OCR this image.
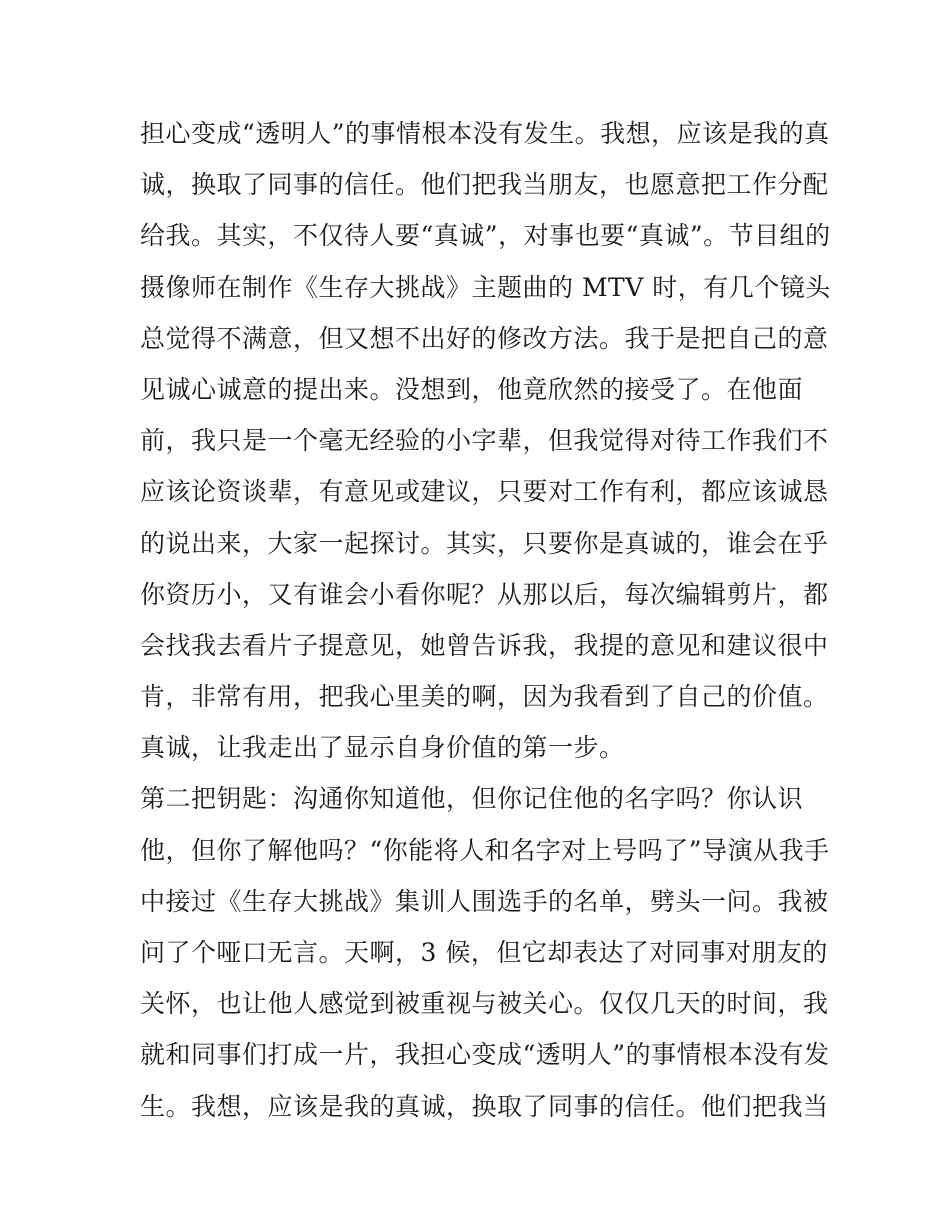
担心变成“透明人”的事情根本没有发生。我想，应该是我的真
诚，换取了同事的信任。他们把我当朋友，也愿意把工作分配
给我。其实，不仅待人要“真诚”，对事也要“真诚”。节目组的
摄像师在制作《生存大挑战》主题曲的 MTV 时，有几个镜头
总觉得不满意，但又想不出好的修改方法。我于是把自己的意
见诚心诚意的提出来。没想到，他竟欣然的接受了。在他面
前，我只是一个毫无经验的小字辈，但我觉得对待工作我们不
应该论资谈辈，有意见或建议，只要对工作有利，都应该诚恳
的说出来，大家一起探讨。其实，只要你是真诚的，谁会在乎
你资历小，又有谁会小看你呢？从那以后，每次编辑剪片，都
会找我去看片子提意见，她曾告诉我，我提的意见和建议很中
肯，非常有用，把我心里美的啊，因为我看到了自己的价值。
真诚，让我走出了显示自身价值的第一步。
第二把钥匙：沟通你知道他，但你记住他的名字吗？你认识
他，但你了解他吗？“你能将人和名字对上号吗了”导演从我手
中接过《生存大挑战》集训人围选手的名单，劈头一问。我被
问了个哑口无言。天啊，3 候，但它却表达了对同事对朋友的
关怀，也让他人感觉到被重视与被关心。仅仅几天的时间，我
就和同事们打成一片，我担心变成“透明人”的事情根本没有发
生。我想，应该是我的真诚，换取了同事的信任。他们把我当
